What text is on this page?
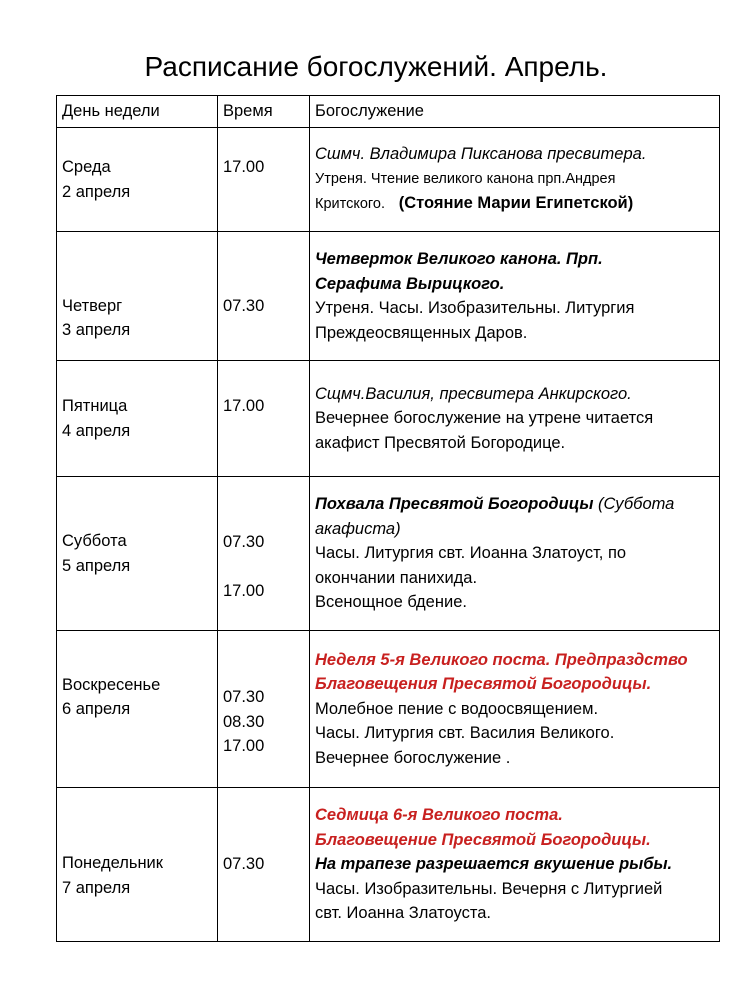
Расписание богослужений. Апрель.
День недели	Время	Богослужение

Среда
2 апреля	17.00	Сшмч. Владимира Пиксанова пресвитера.
Утреня. Чтение великого канона прп.Андрея
Критского. (Стояние Марии Египетской)

Четверг
3 апреля	07.30	Четверток Великого канона. Прп.
Серафима Вырицкого.
Утреня. Часы. Изобразительны. Литургия
Преждеосвященных Даров.

Пятница
4 апреля	17.00	Сщмч.Василия, пресвитера Анкирского.
Вечернее богослужение на утрене читается
акафист Пресвятой Богородице.

Суббота
5 апреля	07.30
17.00	Похвала Пресвятой Богородицы (Суббота
акафиста)
Часы. Литургия свт. Иоанна Златоуст, по
окончании панихида.
Всенощное бдение.

Воскресенье
6 апреля	07.30
08.30
17.00	Неделя 5-я Великого поста. Предпраздство
Благовещения Пресвятой Богородицы.
Молебное пение с водоосвящением.
Часы. Литургия свт. Василия Великого.
Вечернее богослужение .

Понедельник
7 апреля	07.30	Седмица 6-я Великого поста.
Благовещение Пресвятой Богородицы.
На трапезе разрешается вкушение рыбы.
Часы. Изобразительны. Вечерня с Литургией
свт. Иоанна Златоуста.
